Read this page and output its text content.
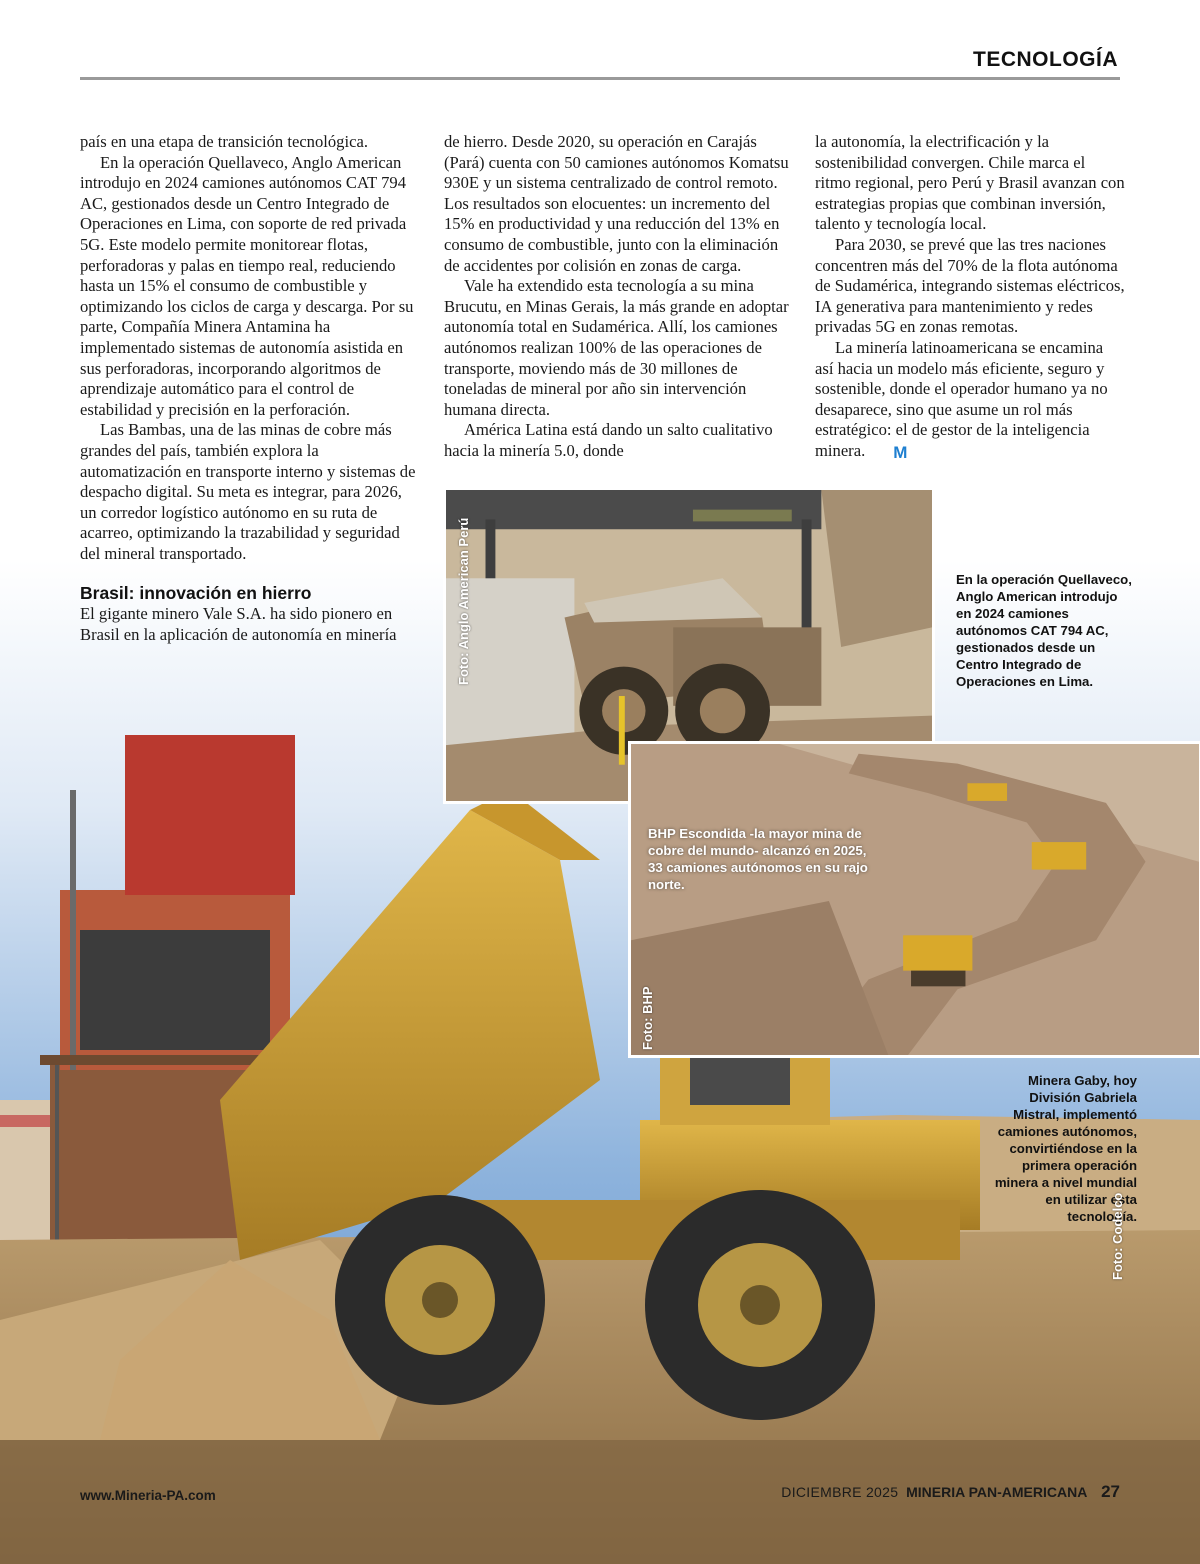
TECNOLOGÍA

país en una etapa de transición tecnológica.

En la operación Quellaveco, Anglo American introdujo en 2024 camiones autónomos CAT 794 AC, gestionados desde un Centro Integrado de Operaciones en Lima, con soporte de red privada 5G. Este modelo permite monitorear flotas, perforadoras y palas en tiempo real, reduciendo hasta un 15% el consumo de combustible y optimizando los ciclos de carga y descarga. Por su parte, Compañía Minera Antamina ha implementado sistemas de autonomía asistida en sus perforadoras, incorporando algoritmos de aprendizaje automático para el control de estabilidad y precisión en la perforación.

Las Bambas, una de las minas de cobre más grandes del país, también explora la automatización en transporte interno y sistemas de despacho digital. Su meta es integrar, para 2026, un corredor logístico autónomo en su ruta de acarreo, optimizando la trazabilidad y seguridad del mineral transportado.

Brasil: innovación en hierro

El gigante minero Vale S.A. ha sido pionero en Brasil en la aplicación de autonomía en minería

de hierro. Desde 2020, su operación en Carajás (Pará) cuenta con 50 camiones autónomos Komatsu 930E y un sistema centralizado de control remoto. Los resultados son elocuentes: un incremento del 15% en productividad y una reducción del 13% en consumo de combustible, junto con la eliminación de accidentes por colisión en zonas de carga.

Vale ha extendido esta tecnología a su mina Brucutu, en Minas Gerais, la más grande en adoptar autonomía total en Sudamérica. Allí, los camiones autónomos realizan 100% de las operaciones de transporte, moviendo más de 30 millones de toneladas de mineral por año sin intervención humana directa.

América Latina está dando un salto cualitativo hacia la minería 5.0, donde

la autonomía, la electrificación y la sostenibilidad convergen. Chile marca el ritmo regional, pero Perú y Brasil avanzan con estrategias propias que combinan inversión, talento y tecnología local.

Para 2030, se prevé que las tres naciones concentren más del 70% de la flota autónoma de Sudamérica, integrando sistemas eléctricos, IA generativa para mantenimiento y redes privadas 5G en zonas remotas.

La minería latinoamericana se encamina así hacia un modelo más eficiente, seguro y sostenible, donde el operador humano ya no desaparece, sino que asume un rol más estratégico: el de gestor de la inteligencia minera. M

Foto: Anglo American Perú	En la operación Quellaveco, Anglo American introdujo en 2024 camiones autónomos CAT 794 AC, gestionados desde un Centro Integrado de Operaciones en Lima.
Foto: BHP
BHP Escondida -la mayor mina de cobre del mundo- alcanzó en 2025, 33 camiones autónomos en su rajo norte.
Minera Gaby, hoy División Gabriela Mistral, implementó camiones autónomos, convirtiéndose en la primera operación minera a nivel mundial en utilizar esta tecnología.
Foto: Codelco
www.Mineria-PA.com	DICIEMBRE 2025 MINERIA PAN-AMERICANA 27
